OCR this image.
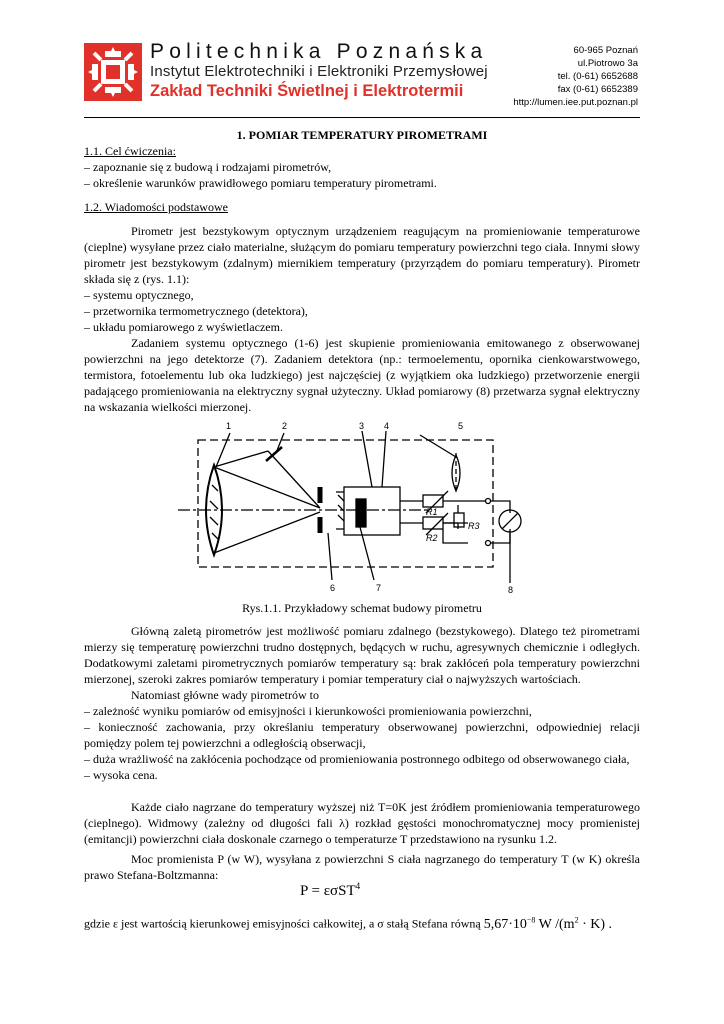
Politechnika Poznańska
Instytut Elektrotechniki i Elektroniki Przemysłowej
Zakład Techniki Świetlnej i Elektrotermii
60-965 Poznań
ul.Piotrowo 3a
tel. (0-61) 6652688
fax (0-61) 6652389
http://lumen.iee.put.poznan.pl
1. POMIAR TEMPERATURY PIROMETRAMI
1.1. Cel ćwiczenia:
– zapoznanie się z budową i rodzajami pirometrów,
– określenie warunków prawidłowego pomiaru temperatury pirometrami.
1.2. Wiadomości podstawowe
Pirometr jest bezstykowym optycznym urządzeniem reagującym na promieniowanie temperaturowe (cieplne) wysyłane przez ciało materialne, służącym do pomiaru temperatury powierzchni tego ciała. Innymi słowy pirometr jest bezstykowym (zdalnym) miernikiem temperatury (przyrządem do pomiaru temperatury). Pirometr składa się z (rys. 1.1):
– systemu optycznego,
– przetwornika termometrycznego (detektora),
– układu pomiarowego z wyświetlaczem.
Zadaniem systemu optycznego (1-6) jest skupienie promieniowania emitowanego z obserwowanej powierzchni na jego detektorze (7). Zadaniem detektora (np.: termoelementu, opornika cienkowarstwowego, termistora, fotoelementu lub oka ludzkiego) jest najczęściej (z wyjątkiem oka ludzkiego) przetworzenie energii padającego promieniowania na elektryczny sygnał użyteczny. Układ pomiarowy (8) przetwarza sygnał elektryczny na wskazania wielkości mierzonej.
1	2	3 4	5
6	7	8
R1
R2
R3
Rys.1.1. Przykładowy schemat budowy pirometru
Główną zaletą pirometrów jest możliwość pomiaru zdalnego (bezstykowego). Dlatego też pirometrami mierzy się temperaturę powierzchni trudno dostępnych, będących w ruchu, agresywnych chemicznie i odległych. Dodatkowymi zaletami pirometrycznych pomiarów temperatury są: brak zakłóceń pola temperatury powierzchni mierzonej, szeroki zakres pomiarów temperatury i pomiar temperatury ciał o najwyższych wartościach.
Natomiast główne wady pirometrów to
– zależność wyniku pomiarów od emisyjności i kierunkowości promieniowania powierzchni,
– konieczność zachowania, przy określaniu temperatury obserwowanej powierzchni, odpowiedniej relacji pomiędzy polem tej powierzchni a odległością obserwacji,
– duża wrażliwość na zakłócenia pochodzące od promieniowania postronnego odbitego od obserwowanego ciała,
– wysoka cena.
Każde ciało nagrzane do temperatury wyższej niż T=0K jest źródłem promieniowania temperaturowego (cieplnego). Widmowy (zależny od długości fali λ) rozkład gęstości monochromatycznej mocy promienistej (emitancji) powierzchni ciała doskonale czarnego o temperaturze T przedstawiono na rysunku 1.2.
Moc promienista P (w W), wysyłana z powierzchni S ciała nagrzanego do temperatury T (w K) określa prawo Stefana-Boltzmanna:
P = εσST$^4$
gdzie ε jest wartością kierunkowej emisyjności całkowitej, a σ stałą Stefana równą $5,67\cdot 10^{-8}$ W $/(m^2 \cdot K)$ .
